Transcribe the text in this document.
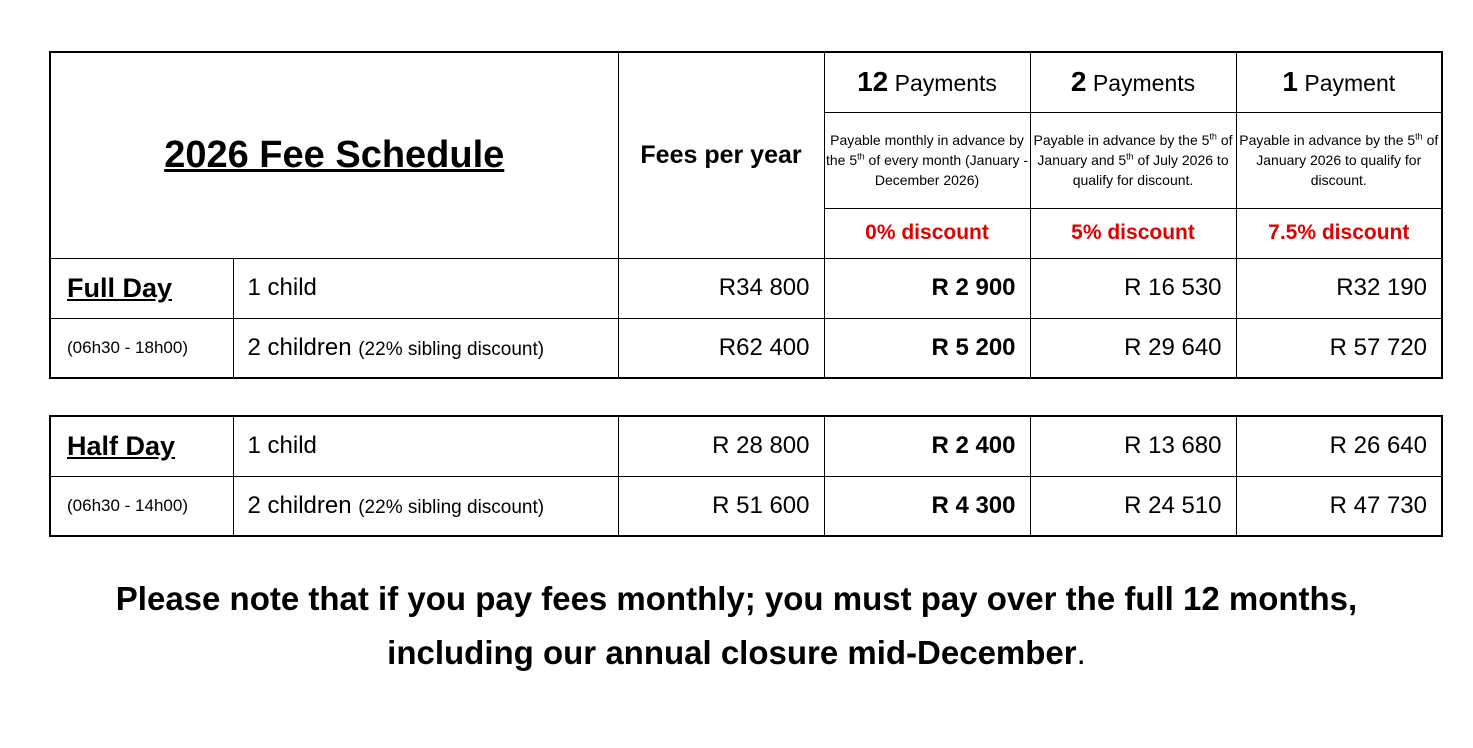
2026 Fee Schedule		Fees per year	12 Payments	2 Payments	1 Payment
			Payable monthly in advance by the 5th of every month (January - December 2026)	Payable in advance by the 5th of January and 5th of July 2026 to qualify for discount.	Payable in advance by the 5th of January 2026 to qualify for discount.
			0% discount	5% discount	7.5% discount
Full Day	1 child	R34 800	R 2 900	R 16 530	R32 190
(06h30 - 18h00)	2 children (22% sibling discount)	R62 400	R 5 200	R 29 640	R 57 720
Half Day	1 child	R 28 800	R 2 400	R 13 680	R 26 640
(06h30 - 14h00)	2 children (22% sibling discount)	R 51 600	R 4 300	R 24 510	R 47 730
Please note that if you pay fees monthly; you must pay over the full 12 months,
including our annual closure mid-December.
